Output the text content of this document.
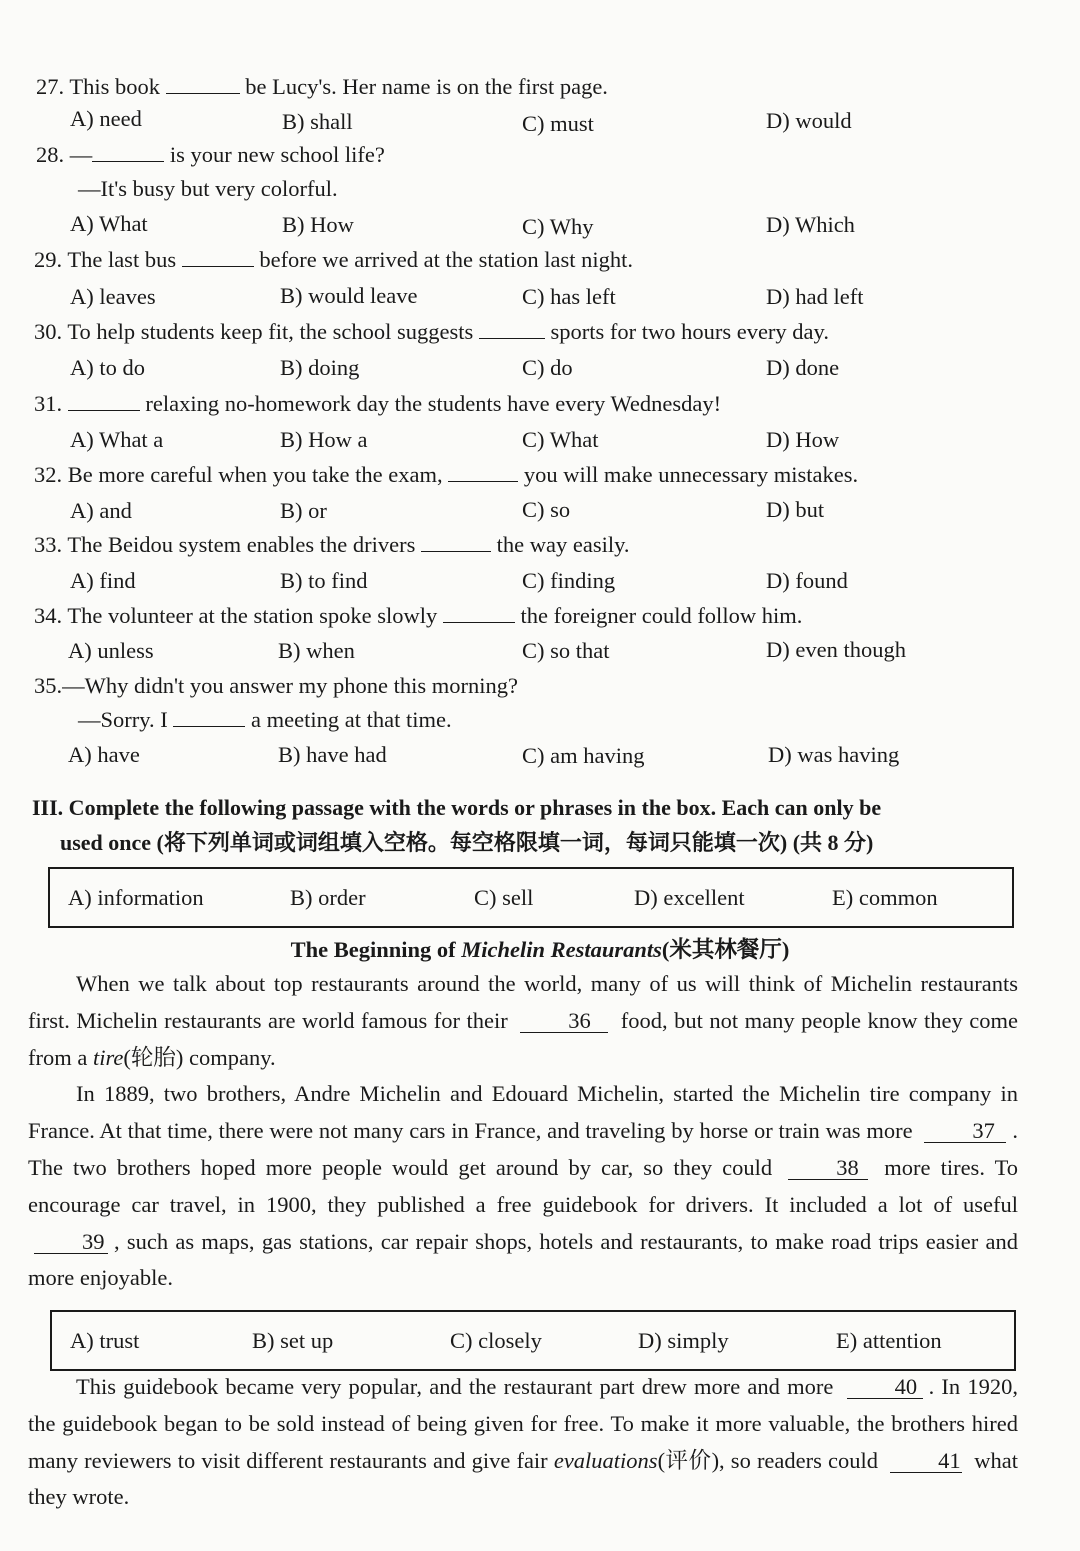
27. This book	be Lucy's. Her name is on the first page.
A) need	B) shall	C) must	D) would
28. —	is your new school life?
—It's busy but very colorful.
A) What	B) How	C) Why	D) Which
29. The last bus	before we arrived at the station last night.
A) leaves	B) would leave	C) has left	D) had left
30. To help students keep fit, the school suggests	sports for two hours every day.
A) to do	B) doing	C) do	D) done
31.	relaxing no-homework day the students have every Wednesday!
A) What a	B) How a	C) What	D) How
32. Be more careful when you take the exam,	you will make unnecessary mistakes.
A) and	B) or	C) so	D) but
33. The Beidou system enables the drivers	the way easily.
A) find	B) to find	C) finding	D) found
34. The volunteer at the station spoke slowly	the foreigner could follow him.
A) unless	B) when	C) so that	D) even though
35.—Why didn't you answer my phone this morning?
—Sorry. I	a meeting at that time.
A) have	B) have had	C) am having	D) was having
III. Complete the following passage with the words or phrases in the box. Each can only be
used once (将下列单词或词组填入空格。每空格限填一词，每词只能填一次) (共 8 分)
A) information	B) order	C) sell	D) excellent	E) common
The Beginning of Michelin Restaurants(米其林餐厅)

When we talk about top restaurants around the world, many of us will think of Michelin restaurants first. Michelin restaurants are world famous for their	36 food, but not many people know they come from a tire(轮胎) company.

In 1889, two brothers, Andre Michelin and Edouard Michelin, started the Michelin tire company in France. At that time, there were not many cars in France, and traveling by horse or train was more	37 . The two brothers hoped more people would get around by car, so they could	38 more tires. To encourage car travel, in 1900, they published a free guidebook for drivers. It included a lot of useful 39 , such as maps, gas stations, car repair shops, hotels and restaurants, to make road trips easier and more enjoyable.

A) trust	B) set up	C) closely	D) simply	E) attention

This guidebook became very popular, and the restaurant part drew more and more	40 . In 1920, the guidebook began to be sold instead of being given for free. To make it more valuable, the brothers hired many reviewers to visit different restaurants and give fair evaluations(评价), so readers could	41 what they wrote.
